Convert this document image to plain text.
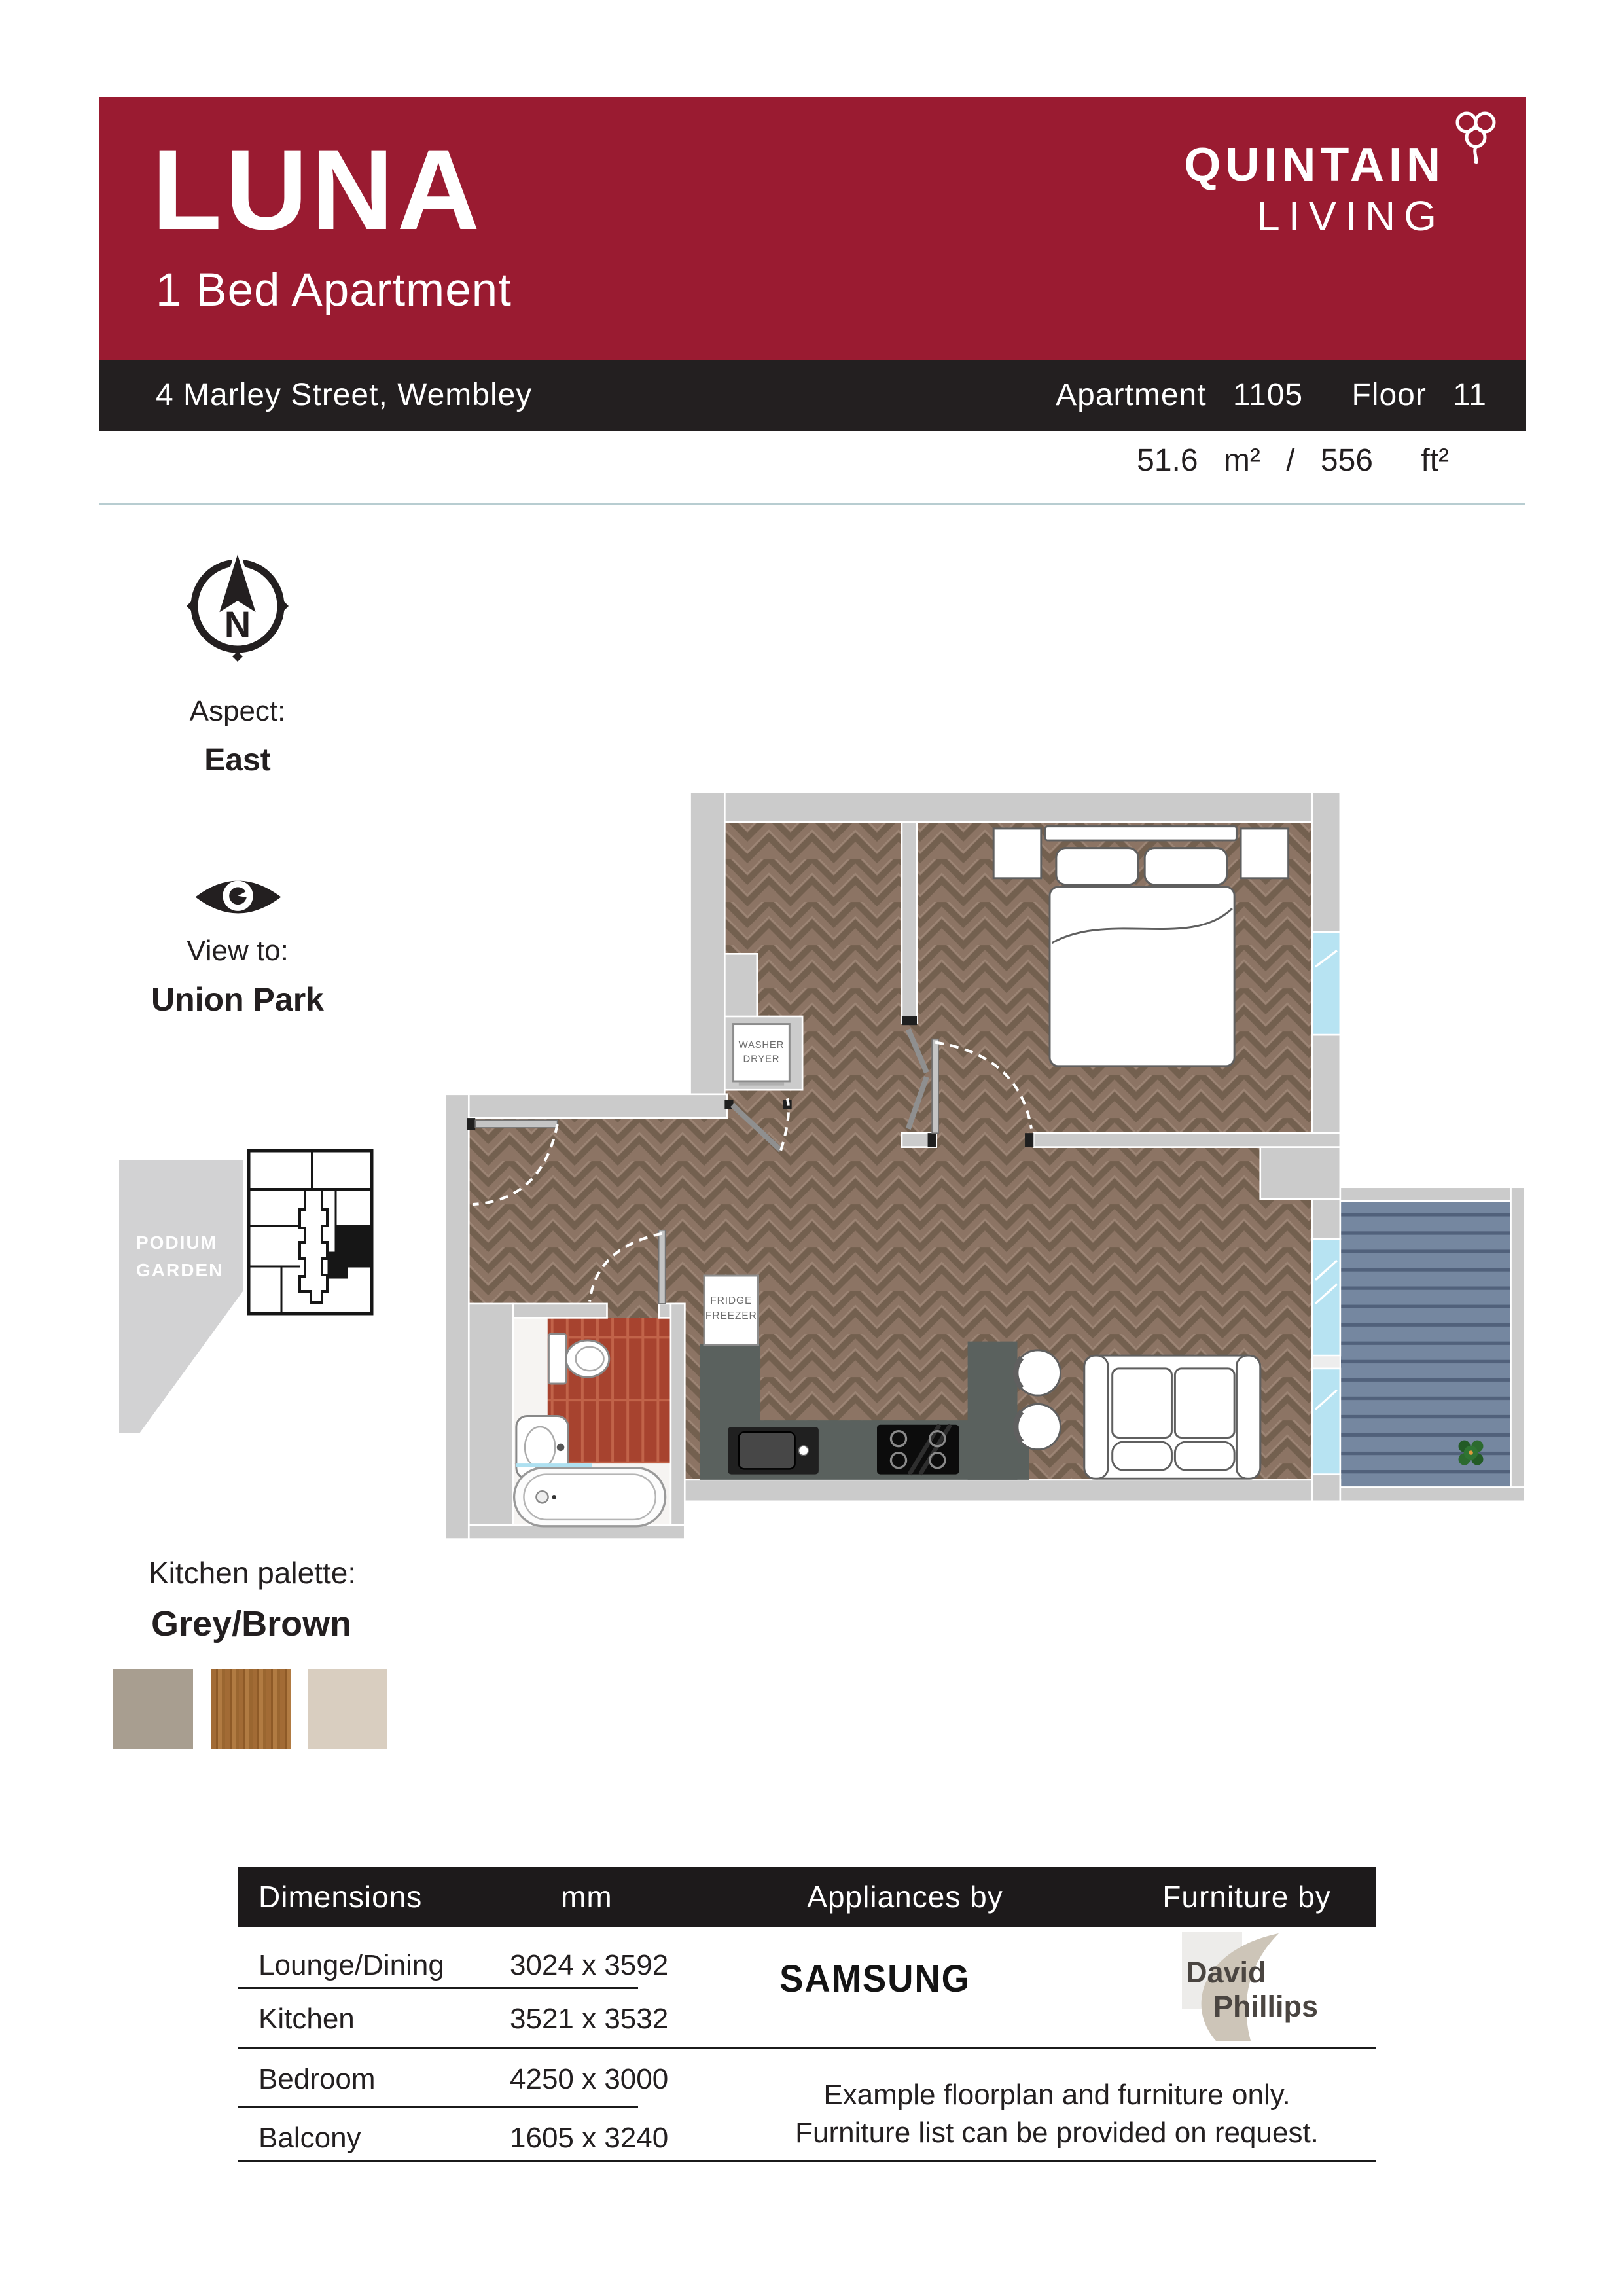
LUNA
1 Bed Apartment
QUINTAIN
LIVING
4 Marley Street, Wembley	Apartment 1105 Floor 11
51.6 m² / 556 ft²
N
Aspect:
East
View to:
Union Park
PODIUM
GARDEN
FRIDGE
FREEZER
WASHER
DRYER
Kitchen palette:
Grey/Brown
Dimensions	mm	Appliances by	Furniture by
Lounge/Dining 3024 x 3592
Kitchen	3521 x 3532
Bedroom	4250 x 3000
Balcony	1605 x 3240
SAMSUNG	David
Phillips
Example floorplan and furniture only.
Furniture list can be provided on request.
